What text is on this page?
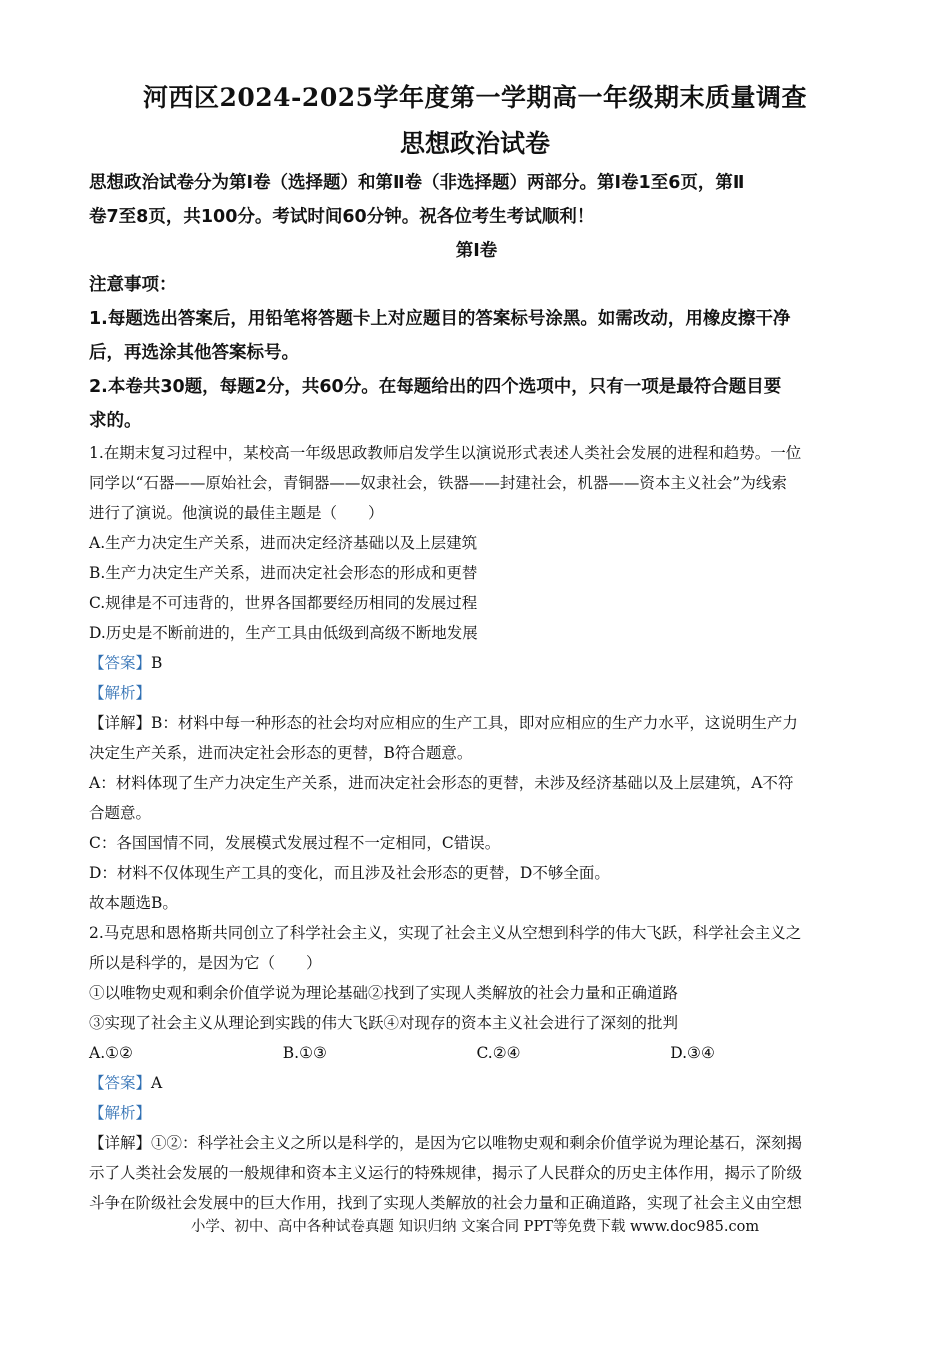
河西区2024-2025学年度第一学期高一年级期末质量调查
思想政治试卷

思想政治试卷分为第Ⅰ卷（选择题）和第Ⅱ卷（非选择题）两部分。第Ⅰ卷1至6页，第Ⅱ

卷7至8页，共100分。考试时间60分钟。祝各位考生考试顺利！

第Ⅰ卷

注意事项：

1.每题选出答案后，用铅笔将答题卡上对应题目的答案标号涂黑。如需改动，用橡皮擦干净

后，再选涂其他答案标号。

2.本卷共30题，每题2分，共60分。在每题给出的四个选项中，只有一项是最符合题目要

求的。

1.在期末复习过程中，某校高一年级思政教师启发学生以演说形式表述人类社会发展的进程和趋势。一位

同学以“石器——原始社会，青铜器——奴隶社会，铁器——封建社会，机器——资本主义社会”为线索

进行了演说。他演说的最佳主题是（　　）

A.生产力决定生产关系，进而决定经济基础以及上层建筑

B.生产力决定生产关系，进而决定社会形态的形成和更替

C.规律是不可违背的，世界各国都要经历相同的发展过程

D.历史是不断前进的，生产工具由低级到高级不断地发展

【答案】B

【解析】

【详解】B：材料中每一种形态的社会均对应相应的生产工具，即对应相应的生产力水平，这说明生产力

决定生产关系，进而决定社会形态的更替，B符合题意。

A：材料体现了生产力决定生产关系，进而决定社会形态的更替，未涉及经济基础以及上层建筑，A不符

合题意。

C：各国国情不同，发展模式发展过程不一定相同，C错误。

D：材料不仅体现生产工具的变化，而且涉及社会形态的更替，D不够全面。

故本题选B。

2.马克思和恩格斯共同创立了科学社会主义，实现了社会主义从空想到科学的伟大飞跃，科学社会主义之

所以是科学的，是因为它（　　）

①以唯物史观和剩余价值学说为理论基础②找到了实现人类解放的社会力量和正确道路

③实现了社会主义从理论到实践的伟大飞跃④对现存的资本主义社会进行了深刻的批判

A.①②	B.①③	C.②④	D.③④

【答案】A

【解析】

【详解】①②：科学社会主义之所以是科学的，是因为它以唯物史观和剩余价值学说为理论基石，深刻揭

示了人类社会发展的一般规律和资本主义运行的特殊规律，揭示了人民群众的历史主体作用，揭示了阶级

斗争在阶级社会发展中的巨大作用，找到了实现人类解放的社会力量和正确道路，实现了社会主义由空想

小学、初中、高中各种试卷真题 知识归纳 文案合同 PPT等免费下载 www.doc985.com
